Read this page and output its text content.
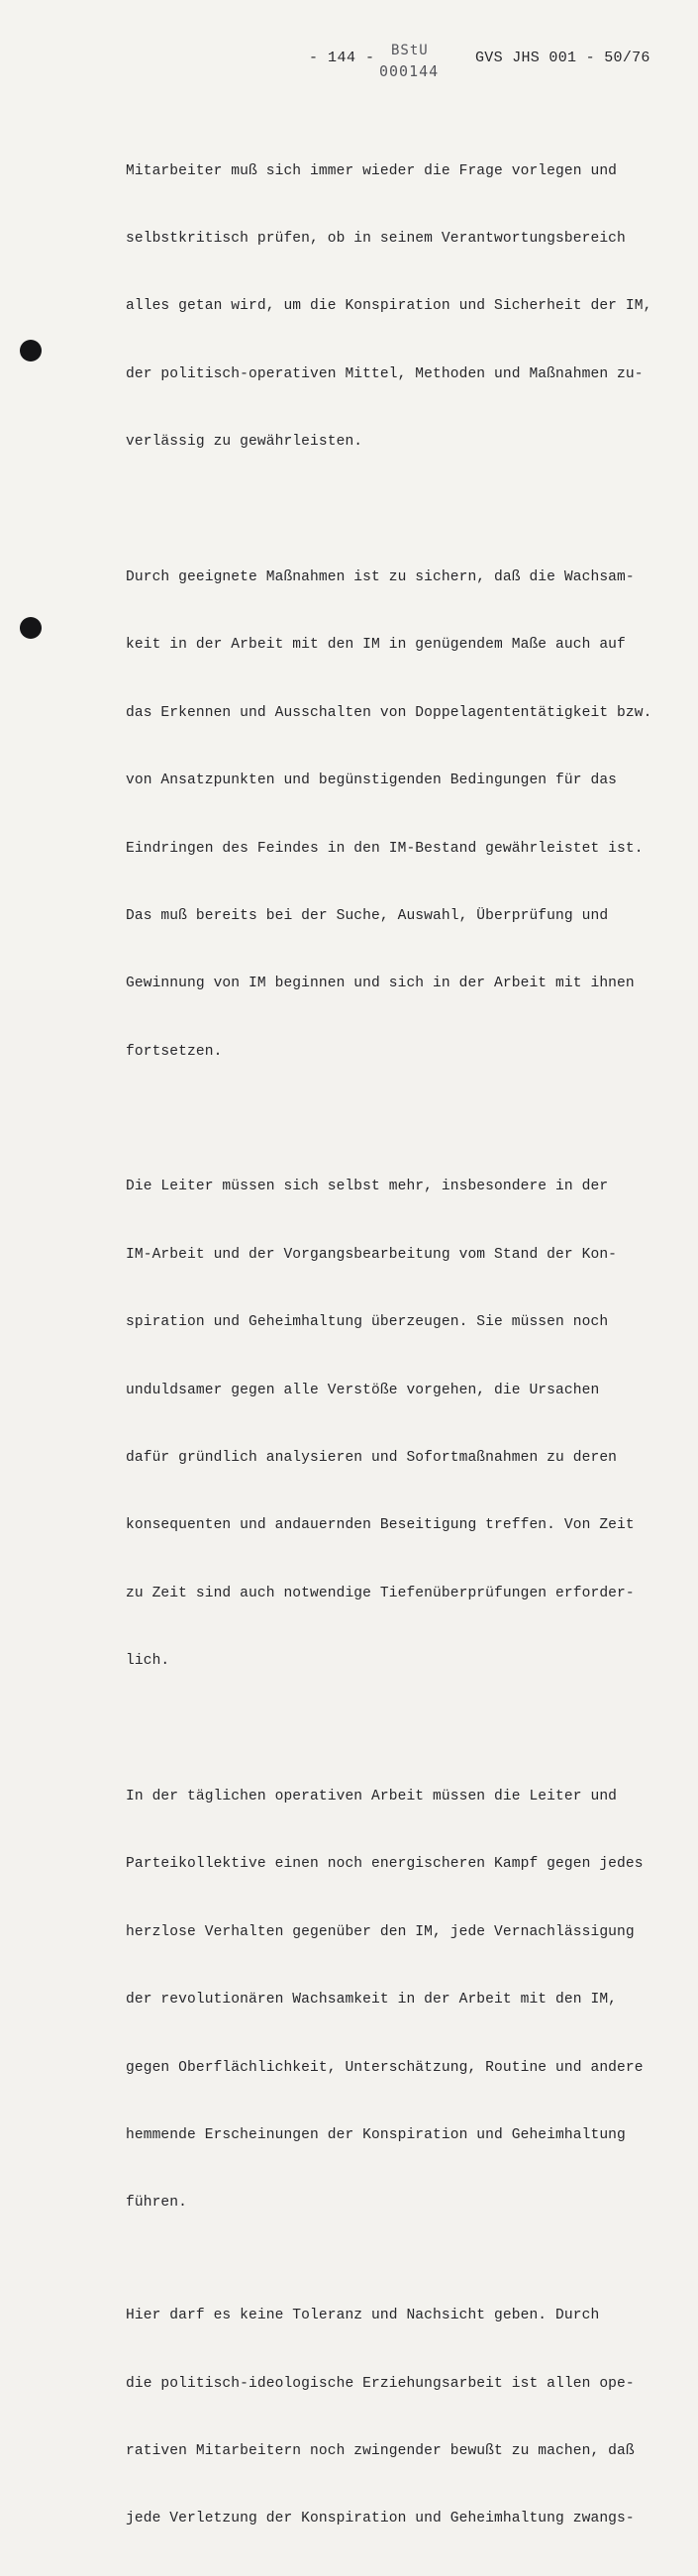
- 144 -	BStU
000144
GVS JHS 001 - 50/76

Mitarbeiter muß sich immer wieder die Frage vorlegen und

selbstkritisch prüfen, ob in seinem Verantwortungsbereich

alles getan wird, um die Konspiration und Sicherheit der IM,

der politisch-operativen Mittel, Methoden und Maßnahmen zu-

verlässig zu gewährleisten.

Durch geeignete Maßnahmen ist zu sichern, daß die Wachsam-

keit in der Arbeit mit den IM in genügendem Maße auch auf

das Erkennen und Ausschalten von Doppelagententätigkeit bzw.

von Ansatzpunkten und begünstigenden Bedingungen für das

Eindringen des Feindes in den IM-Bestand gewährleistet ist.

Das muß bereits bei der Suche, Auswahl, Überprüfung und

Gewinnung von IM beginnen und sich in der Arbeit mit ihnen

fortsetzen.

Die Leiter müssen sich selbst mehr, insbesondere in der

IM-Arbeit und der Vorgangsbearbeitung vom Stand der Kon-

spiration und Geheimhaltung überzeugen. Sie müssen noch

unduldsamer gegen alle Verstöße vorgehen, die Ursachen

dafür gründlich analysieren und Sofortmaßnahmen zu deren

konsequenten und andauernden Beseitigung treffen. Von Zeit

zu Zeit sind auch notwendige Tiefenüberprüfungen erforder-

lich.

In der täglichen operativen Arbeit müssen die Leiter und

Parteikollektive einen noch energischeren Kampf gegen jedes

herzlose Verhalten gegenüber den IM, jede Vernachlässigung

der revolutionären Wachsamkeit in der Arbeit mit den IM,

gegen Oberflächlichkeit, Unterschätzung, Routine und andere

hemmende Erscheinungen der Konspiration und Geheimhaltung

führen.

Hier darf es keine Toleranz und Nachsicht geben. Durch

die politisch-ideologische Erziehungsarbeit ist allen ope-

rativen Mitarbeitern noch zwingender bewußt zu machen, daß

jede Verletzung der Konspiration und Geheimhaltung zwangs-
